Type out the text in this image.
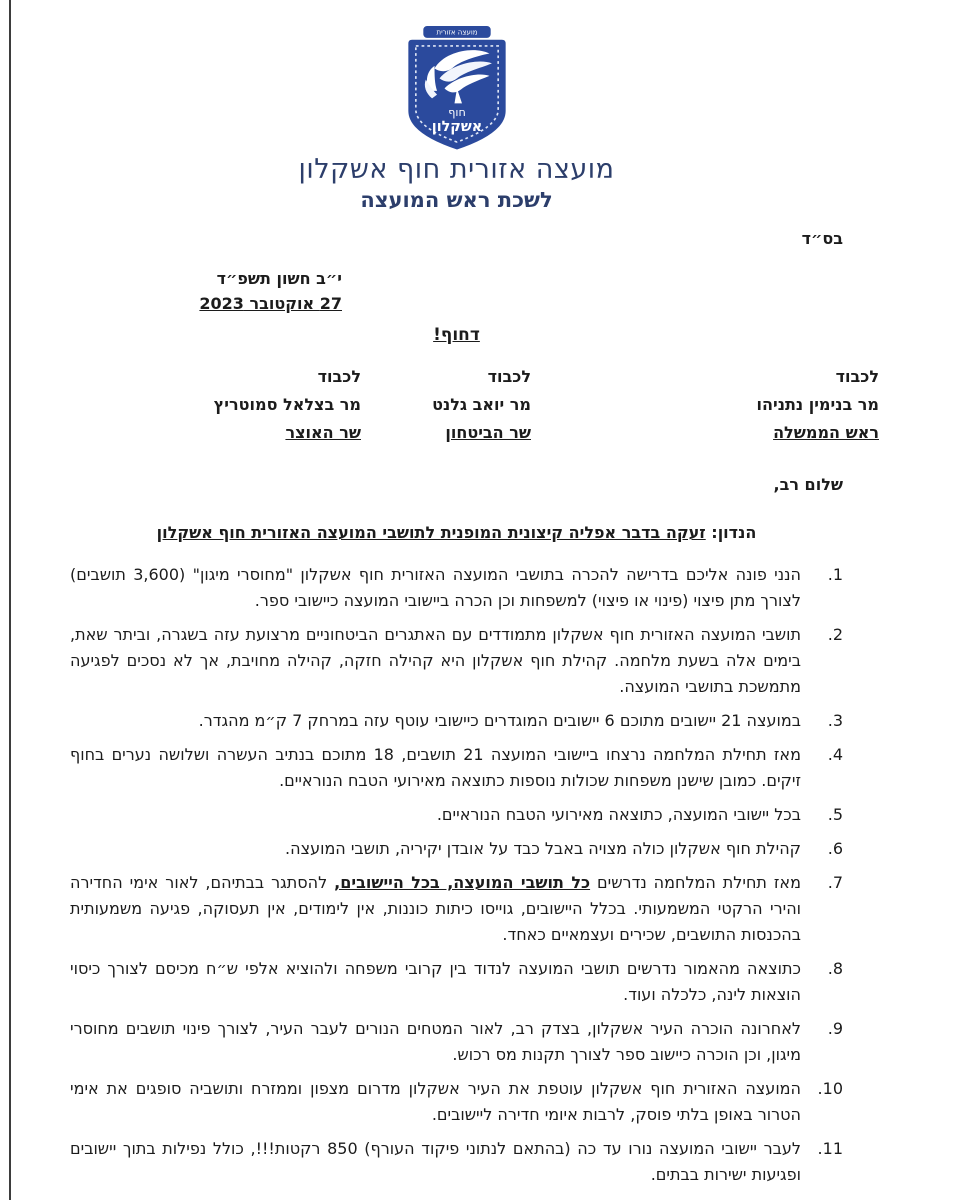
מועצה אזורית
חוף
אשקלון
מועצה אזורית חוף אשקלון
לשכת ראש המועצה
בס״ד
י״ב חשון תשפ״ד
27 אוקטובר 2023
דחוף!
לכבוד
מר בנימין נתניהו
ראש הממשלה
לכבוד
מר יואב גלנט
שר הביטחון
לכבוד
מר בצלאל סמוטריץ
שר האוצר
שלום רב,
הנדון: זעקה בדבר אפליה קיצונית המופנית לתושבי המועצה האזורית חוף אשקלון
1.
הנני פונה אליכם בדרישה להכרה בתושבי המועצה האזורית חוף אשקלון "מחוסרי מיגון" (3,600 תושבים) לצורך מתן פיצוי (פינוי או פיצוי) למשפחות וכן הכרה ביישובי המועצה כיישובי ספר.
2.
תושבי המועצה האזורית חוף אשקלון מתמודדים עם האתגרים הביטחוניים מרצועת עזה בשגרה, וביתר שאת, בימים אלה בשעת מלחמה. קהילת חוף אשקלון היא קהילה חזקה, קהילה מחויבת, אך לא נסכים לפגיעה מתמשכת בתושבי המועצה.
3.
במועצה 21 יישובים מתוכם 6 יישובים המוגדרים כיישובי עוטף עזה במרחק 7 ק״מ מהגדר.
4.
מאז תחילת המלחמה נרצחו ביישובי המועצה 21 תושבים, 18 מתוכם בנתיב העשרה ושלושה נערים בחוף זיקים. כמובן שישנן משפחות שכולות נוספות כתוצאה מאירועי הטבח הנוראיים.
5.
בכל יישובי המועצה, כתוצאה מאירועי הטבח הנוראיים.
6.
קהילת חוף אשקלון כולה מצויה באבל כבד על אובדן יקיריה, תושבי המועצה.
7.
מאז תחילת המלחמה נדרשים כל תושבי המועצה, בכל היישובים, להסתגר בבתיהם, לאור אימי החדירה והירי הרקטי המשמעותי. בכלל היישובים, גוייסו כיתות כוננות, אין לימודים, אין תעסוקה, פגיעה משמעותית בהכנסות התושבים, שכירים ועצמאיים כאחד.
8.
כתוצאה מהאמור נדרשים תושבי המועצה לנדוד בין קרובי משפחה ולהוציא אלפי ש״ח מכיסם לצורך כיסוי הוצאות לינה, כלכלה ועוד.
9.
לאחרונה הוכרה העיר אשקלון, בצדק רב, לאור המטחים הנורים לעבר העיר, לצורך פינוי תושבים מחוסרי מיגון, וכן הוכרה כיישוב ספר לצורך תקנות מס רכוש.
10.
המועצה האזורית חוף אשקלון עוטפת את העיר אשקלון מדרום מצפון וממזרח ותושביה סופגים את אימי הטרור באופן בלתי פוסק, לרבות איומי חדירה ליישובים.
11.
לעבר יישובי המועצה נורו עד כה (בהתאם לנתוני פיקוד העורף) 850 רקטות!!!, כולל נפילות בתוך יישובים ופגיעות ישירות בבתים.
